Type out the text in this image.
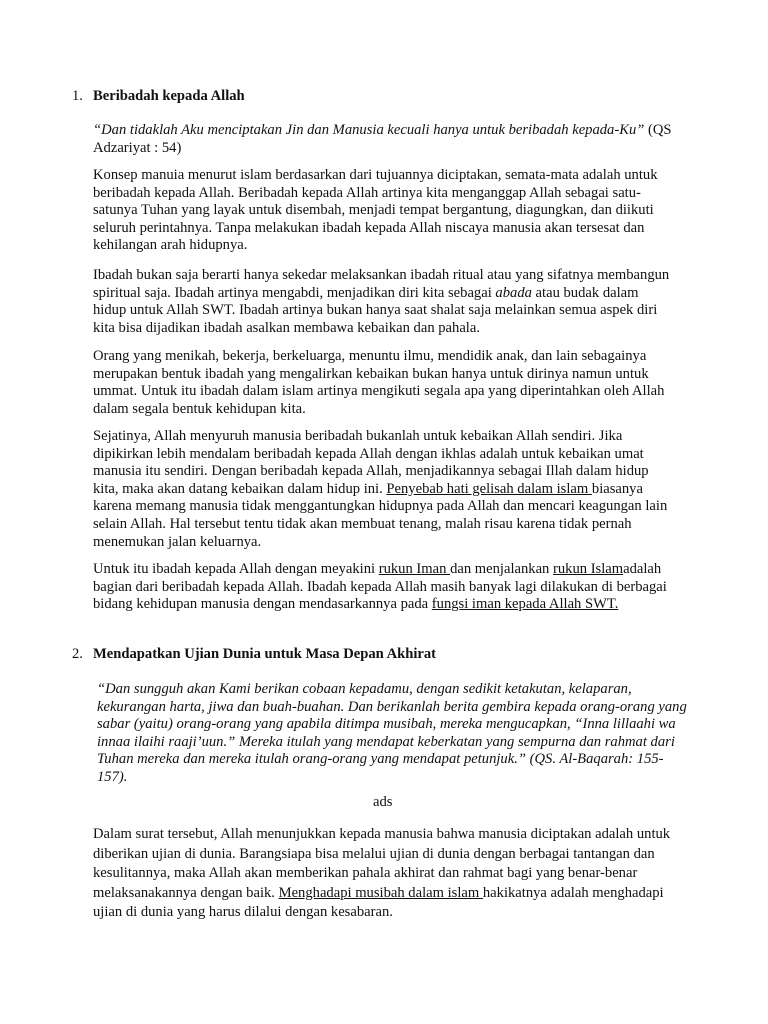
1. Beribadah kepada Allah
“Dan tidaklah Aku menciptakan Jin dan Manusia kecuali hanya untuk beribadah kepada-Ku” (QS Adzariyat : 54)
Konsep manuia menurut islam berdasarkan dari tujuannya diciptakan, semata-mata adalah untuk beribadah kepada Allah. Beribadah kepada Allah artinya kita menganggap Allah sebagai satu-satunya Tuhan yang layak untuk disembah, menjadi tempat bergantung, diagungkan, dan diikuti seluruh perintahnya. Tanpa melakukan ibadah kepada Allah niscaya manusia akan tersesat dan kehilangan arah hidupnya.
Ibadah bukan saja berarti hanya sekedar melaksankan ibadah ritual atau yang sifatnya membangun spiritual saja. Ibadah artinya mengabdi, menjadikan diri kita sebagai abada atau budak dalam hidup untuk Allah SWT. Ibadah artinya bukan hanya saat shalat saja melainkan semua aspek diri kita bisa dijadikan ibadah asalkan membawa kebaikan dan pahala.
Orang yang menikah, bekerja, berkeluarga, menuntu ilmu, mendidik anak, dan lain sebagainya merupakan bentuk ibadah yang mengalirkan kebaikan bukan hanya untuk dirinya namun untuk ummat. Untuk itu ibadah dalam islam artinya mengikuti segala apa yang diperintahkan oleh Allah dalam segala bentuk kehidupan kita.
Sejatinya, Allah menyuruh manusia beribadah bukanlah untuk kebaikan Allah sendiri. Jika dipikirkan lebih mendalam beribadah kepada Allah dengan ikhlas adalah untuk kebaikan umat manusia itu sendiri. Dengan beribadah kepada Allah, menjadikannya sebagai Illah dalam hidup kita, maka akan datang kebaikan dalam hidup ini. Penyebab hati gelisah dalam islam biasanya karena memang manusia tidak menggantungkan hidupnya pada Allah dan mencari keagungan lain selain Allah. Hal tersebut tentu tidak akan membuat tenang, malah risau karena tidak pernah menemukan jalan keluarnya.
Untuk itu ibadah kepada Allah dengan meyakini rukun Iman dan menjalankan rukun Islamadalah bagian dari beribadah kepada Allah. Ibadah kepada Allah masih banyak lagi dilakukan di berbagai bidang kehidupan manusia dengan mendasarkannya pada fungsi iman kepada Allah SWT.
2. Mendapatkan Ujian Dunia untuk Masa Depan Akhirat
“Dan sungguh akan Kami berikan cobaan kepadamu, dengan sedikit ketakutan, kelaparan, kekurangan harta, jiwa dan buah-buahan. Dan berikanlah berita gembira kepada orang-orang yang sabar (yaitu) orang-orang yang apabila ditimpa musibah, mereka mengucapkan, “Inna lillaahi wa innaa ilaihi raaji’uun.” Mereka itulah yang mendapat keberkatan yang sempurna dan rahmat dari Tuhan mereka dan mereka itulah orang-orang yang mendapat petunjuk.” (QS. Al-Baqarah: 155-157).
ads
Dalam surat tersebut, Allah menunjukkan kepada manusia bahwa manusia diciptakan adalah untuk diberikan ujian di dunia. Barangsiapa bisa melalui ujian di dunia dengan berbagai tantangan dan kesulitannya, maka Allah akan memberikan pahala akhirat dan rahmat bagi yang benar-benar melaksanakannya dengan baik. Menghadapi musibah dalam islam hakikatnya adalah menghadapi ujian di dunia yang harus dilalui dengan kesabaran.
